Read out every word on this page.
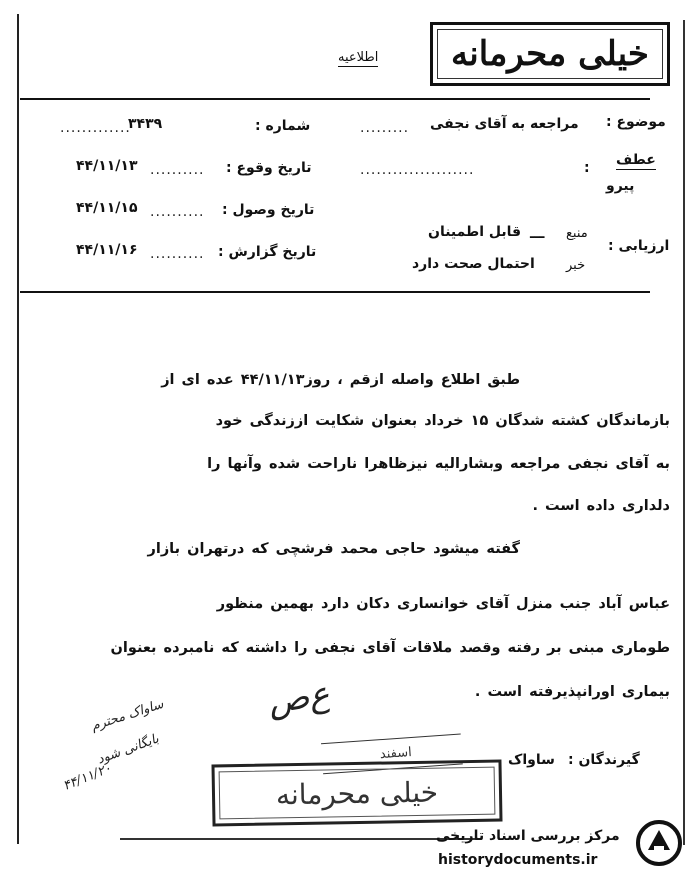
خیلی محرمانه
اطلاعیه
شماره :
.............
۳۴۳۹
تاریخ وقوع :
..........
۴۴/۱۱/۱۳
تاریخ وصول :
..........
۴۴/۱۱/۱۵
تاریخ گزارش :
..........
۴۴/۱۱/۱۶
موضوع :
......... مراجعه به آقای نجفی
عطف
پیرو
.....................	:
ارزیابی :
منبع
ـــ
قابل اطمینان
خبر
احتمال صحت دارد
طبق اطلاع واصله ازقم ، روز۴۴/۱۱/۱۳ عده ای از
بازماندگان کشته شدگان ۱۵ خرداد بعنوان شکایت اززندگی خود
به آقای نجفی مراجعه وبشارالیه نیزظاهرا ناراحت شده وآنها را
دلداری داده است .
گفته میشود حاجی محمد فرشچی که درتهران بازار
عباس آباد جنب منزل آقای خوانساری دکان دارد بهمین منظور
طوماری مبنی بر رفته وقصد ملاقات آقای نجفی را داشته که نامبرده بعنوان
بیماری اورانپذیرفته است .
ع‌ص
ساواک محترم
بایگانی شود
۴۴/۱۱/۲۰
گیرندگان :
ساواک
اسفند
خیلی محرمانه
مرکز بررسی اسناد تاریخی
historydocuments.ir
